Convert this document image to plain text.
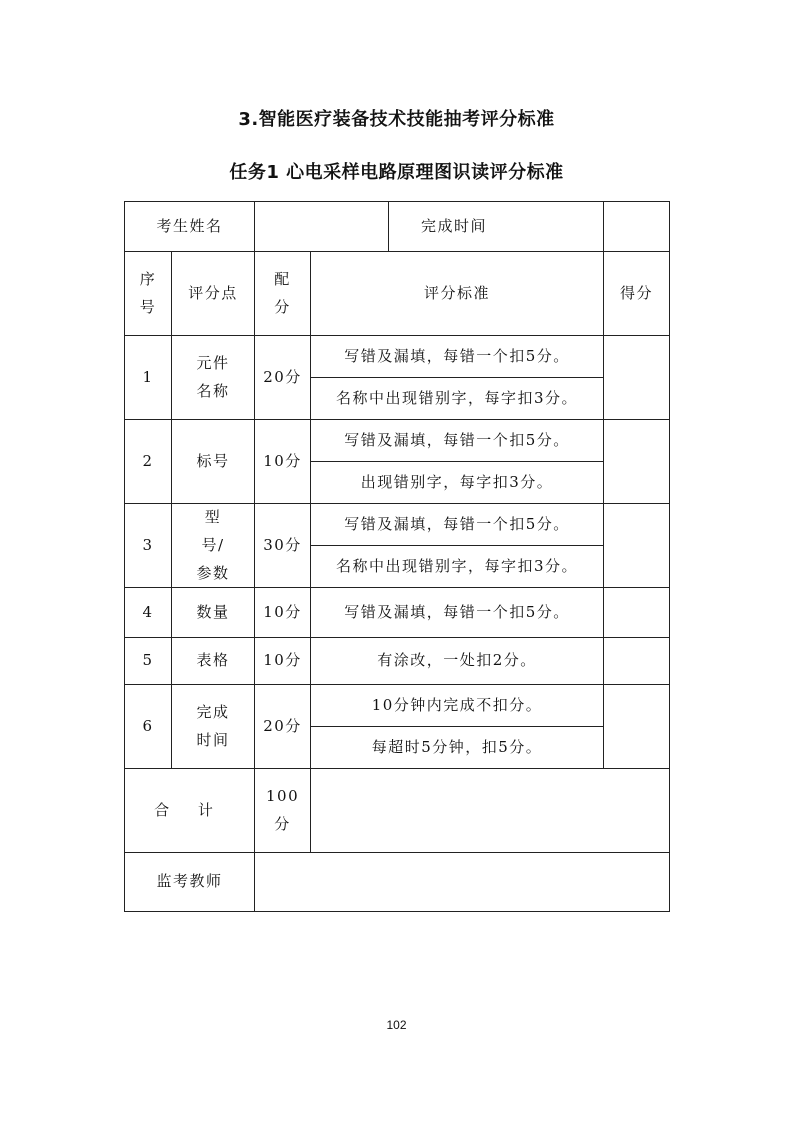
3.智能医疗装备技术技能抽考评分标准
任务1 心电采样电路原理图识读评分标准
考生姓名				完成时间	
序号	评分点	配分	评分标准		得分
1	元件名称	20分	写错及漏填，每错一个扣5分。		
			名称中出现错别字，每字扣3分。		
2	标号	10分	写错及漏填，每错一个扣5分。		
			出现错别字，每字扣3分。		
3	型号/参数	30分	写错及漏填，每错一个扣5分。		
			名称中出现错别字，每字扣3分。		
4	数量	10分	写错及漏填，每错一个扣5分。		
5	表格	10分	有涂改，一处扣2分。		
6	完成时间	20分	10分钟内完成不扣分。		
			每超时5分钟，扣5分。		
合 计		100分			
监考教师					
102
